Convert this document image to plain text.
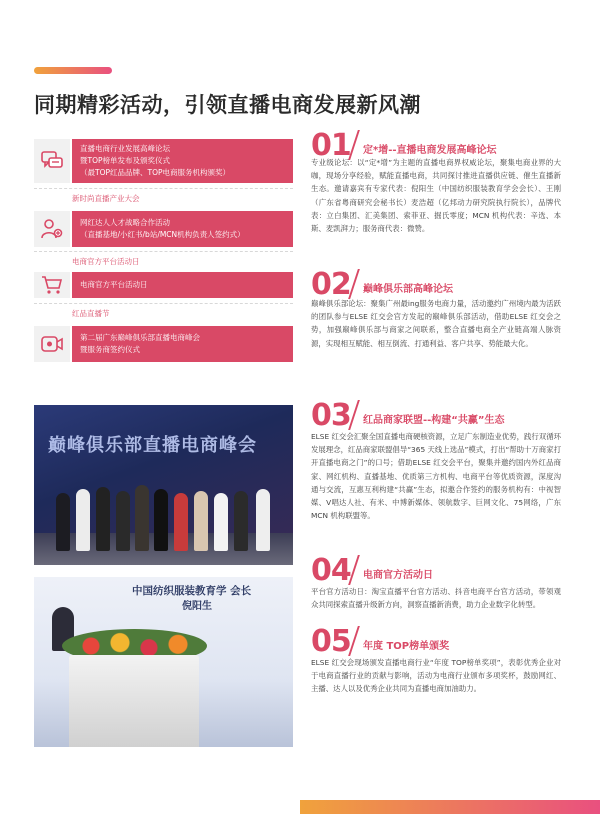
同期精彩活动，引领直播电商发展新风潮
直播电商行业发展高峰论坛
暨TOP榜单发布及颁奖仪式
（最TOP红品品牌、TOP电商服务机构颁奖）
新时尚直播产业大会
网红达人人才战略合作活动
（直播基地/小红书/b站/MCN机构负责人签约式）
电商官方平台活动日
电商官方平台活动日
红品直播节
第二届广东巅峰俱乐部直播电商峰会
暨服务商签约仪式
巅峰俱乐部直播电商峰会
中国纺织服装教育学 会长
倪阳生
01 定*增--直播电商发展高峰论坛
专业级论坛：以“定*增”为主题的直播电商界权威论坛，聚集电商业界的大咖，现场分享经验，赋能直播电商，共同探讨推进直播供应链、催生直播新生态。邀请嘉宾有专家代表：倪阳生（中国纺织服装教育学会会长）、王刚（广东省粤商研究会秘书长）麦浩超（亿邦动力研究院执行院长），品牌代表：立白集团、汇美集团、索菲亚、掘氏零度；MCN 机构代表：辛选、本斯、麦凯湃力；服务商代表：微赞。
02 巅峰俱乐部高峰论坛
巅峰俱乐部论坛：聚集广州最ing服务电商力量，活动邀约广州境内最为活跃的团队参与ELSE 红交会官方发起的巅峰俱乐部活动，借助ELSE 红交会之势，加强巅峰俱乐部与商家之间联系，整合直播电商全产业链高端人脉资源，实现相互赋能、相互倒流、打通利益、客户共享、势能最大化。
03 红品商家联盟--构建“共赢”生态
ELSE 红交会汇聚全国直播电商硬核资源，立足广东制造业优势，践行双循环发展理念，红品商家联盟倡导“365 天线上选品”模式，打出“帮助十万商家打开直播电商之门”的口号；借助ELSE 红交会平台，聚集并邀约国内外红品商家、网红机构、直播基地、优质第三方机构、电商平台等优质资源，深度沟通与交流，互惠互利构建“共赢”生态，拟邀合作签约的服务机构有：中视智媒、V唱达人社、有米、中博新媒体、领航数字、巨网文化、75网络，广东 MCN 机构联盟等。
04 电商官方活动日
平台官方活动日：淘宝直播平台官方活动、抖音电商平台官方活动，带领观众共同探索直播升级新方向，洞察直播新消费，助力企业数字化转型。
05 年度 TOP榜单颁奖
ELSE 红交会现场颁发直播电商行业“年度 TOP榜单奖项”，表彰优秀企业对于电商直播行业的贡献与影响，活动为电商行业颁布多项奖杯，鼓励网红、主播、达人以及优秀企业共同为直播电商加油助力。
